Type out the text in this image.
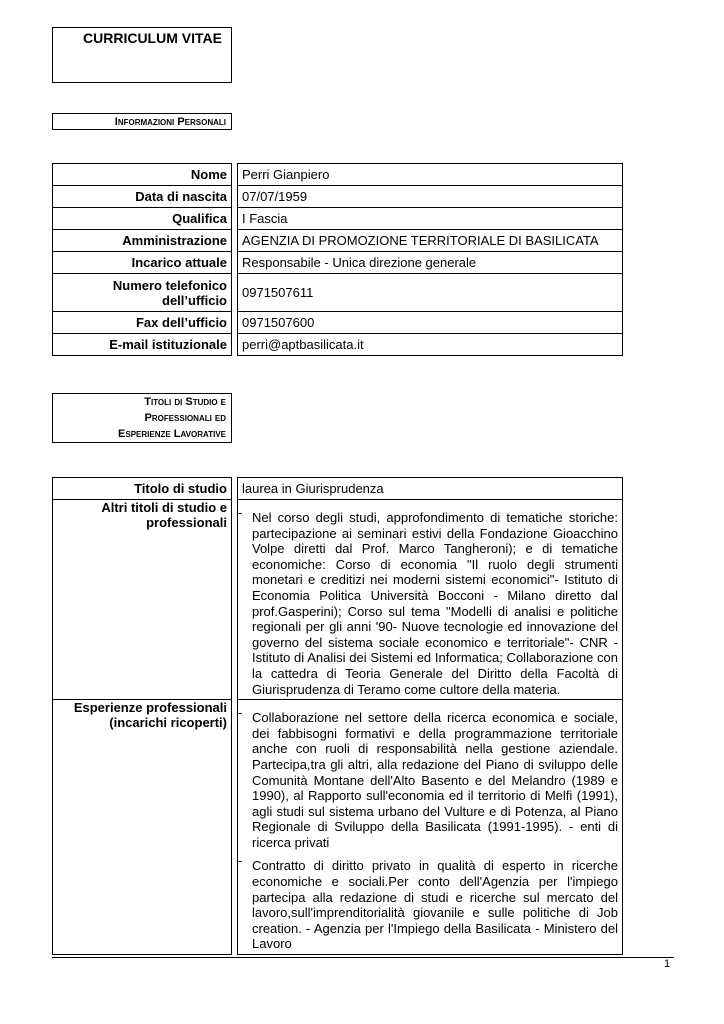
CURRICULUM VITAE
Informazioni Personali
Nome		Perri Gianpiero
Data di nascita		07/07/1959
Qualifica		I Fascia
Amministrazione		AGENZIA DI PROMOZIONE TERRITORIALE DI BASILICATA
Incarico attuale		Responsabile - Unica direzione generale
Numero telefonico dell’ufficio		0971507611
Fax dell’ufficio		0971507600
E-mail istituzionale		perri@aptbasilicata.it
Titoli di Studio e
Professionali ed
Esperienze Lavorative
Titolo di studio		laurea in Giurisprudenza
Altri titoli di studio e professionali		- Nel corso degli studi, approfondimento di tematiche storiche: partecipazione ai seminari estivi della Fondazione Gioacchino Volpe diretti dal Prof. Marco Tangheroni); e di tematiche economiche: Corso di economia "Il ruolo degli strumenti monetari e creditizi nei moderni sistemi economici"- Istituto di Economia Politica Università Bocconi - Milano diretto dal prof.Gasperini); Corso sul tema "Modelli di analisi e politiche regionali per gli anni '90- Nuove tecnologie ed innovazione del governo del sistema sociale economico e territoriale"- CNR - Istituto di Analisi dei Sistemi ed Informatica; Collaborazione con la cattedra di Teoria Generale del Diritto della Facoltà di Giurisprudenza di Teramo come cultore della materia.

Esperienze professionali (incarichi ricoperti)		- Collaborazione nel settore della ricerca economica e sociale, dei fabbisogni formativi e della programmazione territoriale anche con ruoli di responsabilità nella gestione aziendale. Partecipa,tra gli altri, alla redazione del Piano di sviluppo delle Comunità Montane dell'Alto Basento e del Melandro (1989 e 1990), al Rapporto sull'economia ed il territorio di Melfi (1991), agli studi sul sistema urbano del Vulture e di Potenza, al Piano Regionale di Sviluppo della Basilicata (1991-1995). - enti di ricerca privati
- Contratto di diritto privato in qualità di esperto in ricerche economiche e sociali.Per conto dell'Agenzia per l'impiego partecipa alla redazione di studi e ricerche sul mercato del lavoro,sull'imprenditorialità giovanile e sulle politiche di Job creation. - Agenzia per l'Impiego della Basilicata - Ministero del Lavoro
1
